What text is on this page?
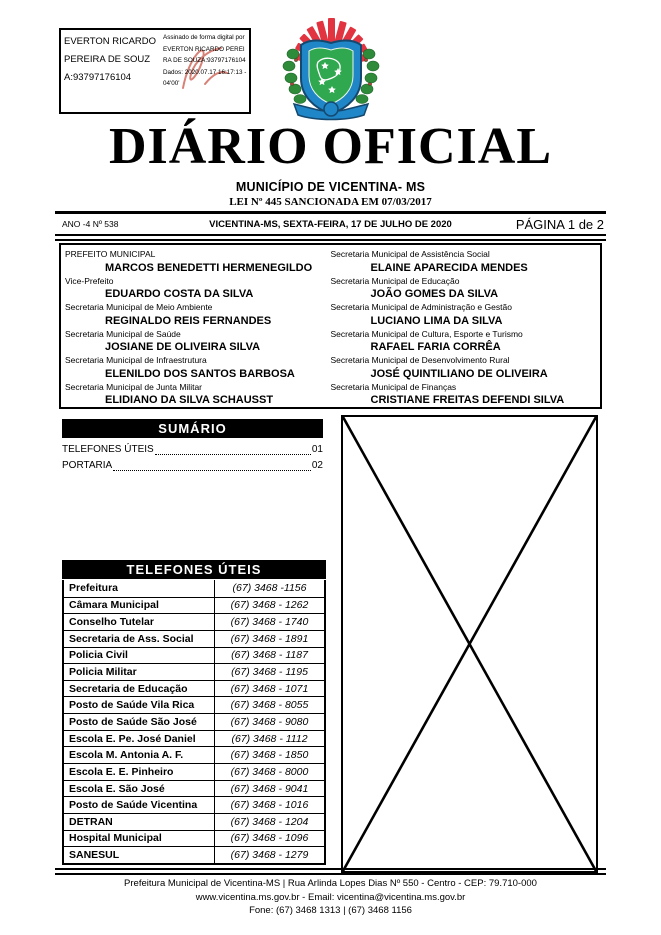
EVERTON RICARDO PEREIRA DE SOUZA:93797176104
Assinado de forma digital por EVERTON RICARDO PEREIRA DE SOUZA:93797176104 Dados: 2020.07.17 16:17:13 -04'00'
DIÁRIO OFICIAL
MUNICÍPIO DE VICENTINA- MS
LEI Nº 445 SANCIONADA EM 07/03/2017
ANO -4 Nº 538	VICENTINA-MS, SEXTA-FEIRA, 17 DE JULHO DE 2020	PÁGINA 1 de 2
PREFEITO MUNICIPAL
MARCOS BENEDETTI HERMENEGILDO
Vice-Prefeito
EDUARDO COSTA DA SILVA
Secretaria Municipal de Meio Ambiente
REGINALDO REIS FERNANDES
Secretaria Municipal de Saúde
JOSIANE DE OLIVEIRA SILVA
Secretaria Municipal de Infraestrutura
ELENILDO DOS SANTOS BARBOSA
Secretaria Municipal de Junta Militar
ELIDIANO DA SILVA SCHAUSST
Secretaria Municipal de Assistência Social
ELAINE APARECIDA MENDES
Secretaria Municipal de Educação
JOÃO GOMES DA SILVA
Secretaria Municipal de Administração e Gestão
LUCIANO LIMA DA SILVA
Secretaria Municipal de Cultura, Esporte e Turismo
RAFAEL FARIA CORRÊA
Secretaria Municipal de Desenvolvimento Rural
JOSÉ QUINTILIANO DE OLIVEIRA
Secretaria Municipal de Finanças
CRISTIANE FREITAS DEFENDI SILVA
SUMÁRIO
TELEFONES ÚTEIS	01
PORTARIA	02
TELEFONES ÚTEIS
Prefeitura	(67) 3468 -1156
Câmara Municipal	(67) 3468 - 1262
Conselho Tutelar	(67) 3468 - 1740
Secretaria de Ass. Social	(67) 3468 - 1891
Policia Civil	(67) 3468 - 1187
Policia Militar	(67) 3468 - 1195
Secretaria de Educação	(67) 3468 - 1071
Posto de Saúde Vila Rica	(67) 3468 - 8055
Posto de Saúde São José	(67) 3468 - 9080
Escola E. Pe. José Daniel	(67) 3468 - 1112
Escola M. Antonia A. F.	(67) 3468 - 1850
Escola E. E. Pinheiro	(67) 3468 - 8000
Escola E. São José	(67) 3468 - 9041
Posto de Saúde Vicentina	(67) 3468 - 1016
DETRAN	(67) 3468 - 1204
Hospital Municipal	(67) 3468 - 1096
SANESUL	(67) 3468 - 1279
Prefeitura Municipal de Vicentina-MS | Rua Arlinda Lopes Dias Nº 550 - Centro - CEP: 79.710-000
www.vicentina.ms.gov.br - Email: vicentina@vicentina.ms.gov.br
Fone: (67) 3468 1313 | (67) 3468 1156
